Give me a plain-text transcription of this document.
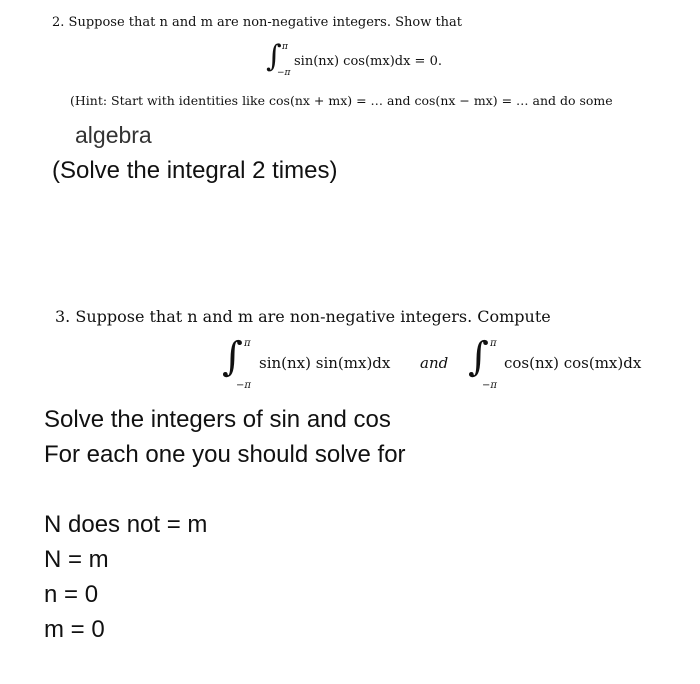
2. Suppose that n and m are non-negative integers. Show that
∫ π
−π
sin(nx) cos(mx)dx = 0.
(Hint: Start with identities like cos(nx + mx) = … and cos(nx − mx) = … and do some
algebra
(Solve the integral 2 times)
3. Suppose that n and m are non-negative integers. Compute
∫ π
−π
sin(nx) sin(mx)dx and ∫ π
−π
cos(nx) cos(mx)dx
Solve the integers of sin and cos
For each one you should solve for
N does not = m
N = m
n = 0
m = 0
